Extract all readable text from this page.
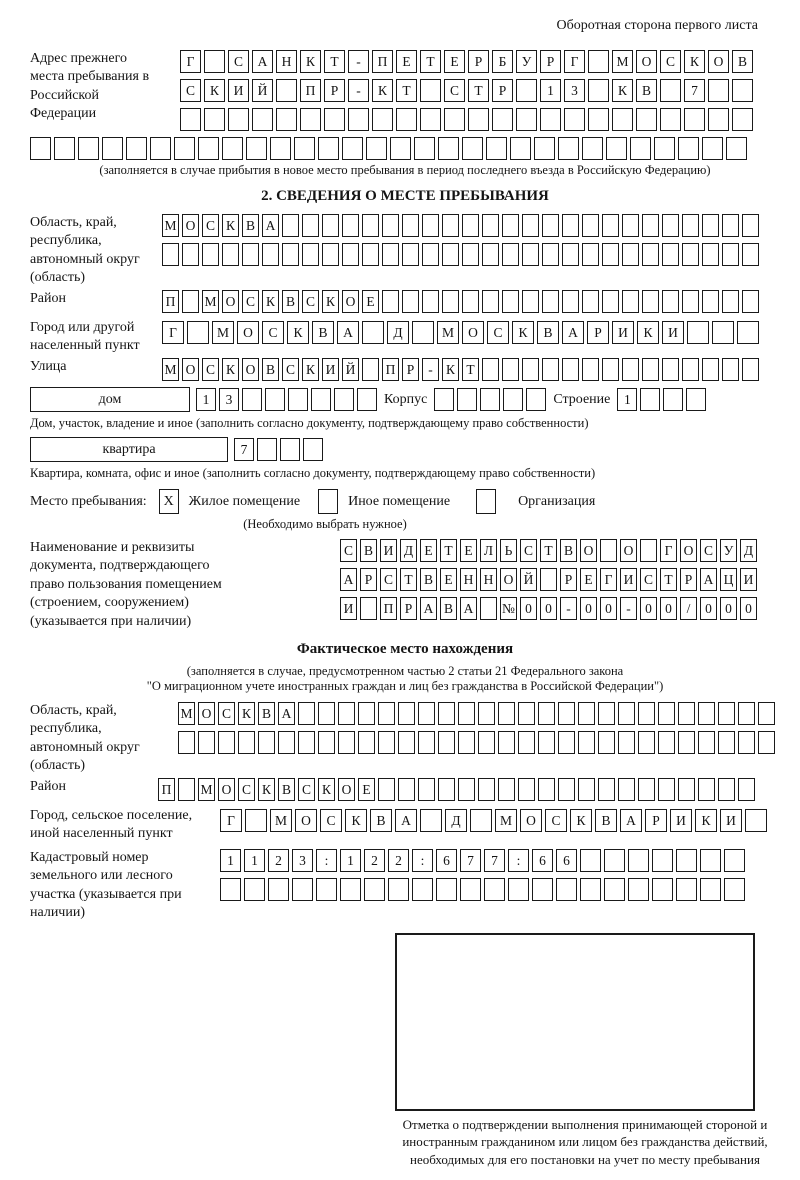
Оборотная сторона первого листа
Адрес прежнего места пребывания в Российской Федерации
Г	С	А	Н	К	Т	-	П	Е	Т	Е	Р	Б	У	Р	Г	М О	С	К	О	В
С	К	И	Й	П	Р	-	К	Т	С	Т	Р	1	3	К	В	7
(заполняется в случае прибытия в новое место пребывания в период последнего въезда в Российскую Федерацию)
2. СВЕДЕНИЯ О МЕСТЕ ПРЕБЫВАНИЯ
Область, край, республика, автономный округ (область)
М О С К В А
Район	П М О С К В С К О Е
Город или другой населенный пункт
Г	М	О	С	К	В	А	Д	М	О	С	К	В	А	Р	И	К	И
Улица	М О С К О В С К И Й П Р	- К Т
дом	1	3	Корпус	Строение	1
Дом, участок, владение и иное (заполнить согласно документу, подтверждающему право собственности)
квартира	7
Квартира, комната, офис и иное (заполнить согласно документу, подтверждающему право собственности)
Место пребывания:	X	Жилое помещение	Иное помещение	Организация
(Необходимо выбрать нужное)
Наименование и реквизиты документа, подтверждающего право пользования помещением (строением, сооружением) (указывается при наличии)
С В И Д Е Т Е Л Ь С Т В О О	Г О С У Д
А Р С Т В Е Н Н О Й	Р Е Г И С Т Р А Ц И
И П Р А В А № 0 0	-	0 0	-	0 0	/	0 0 0
Фактическое место нахождения
(заполняется в случае, предусмотренном частью 2 статьи 21 Федерального закона
"О миграционном учете иностранных граждан и лиц без гражданства в Российской Федерации")
Область, край, республика, автономный округ (область)
М О С К В А
Район	П М О С К В С К О Е
Город, сельское поселение, иной населенный пункт
Г	М	О	С	К	В	А	Д	М	О	С	К	В	А	Р	И	К	И
Кадастровый номер земельного или лесного участка (указывается при наличии)
1	1	2	3	:	1	2	2	:	6	7	7	:	6	6
Отметка о подтверждении выполнения принимающей стороной и иностранным гражданином или лицом без гражданства действий, необходимых для его постановки на учет по месту пребывания
